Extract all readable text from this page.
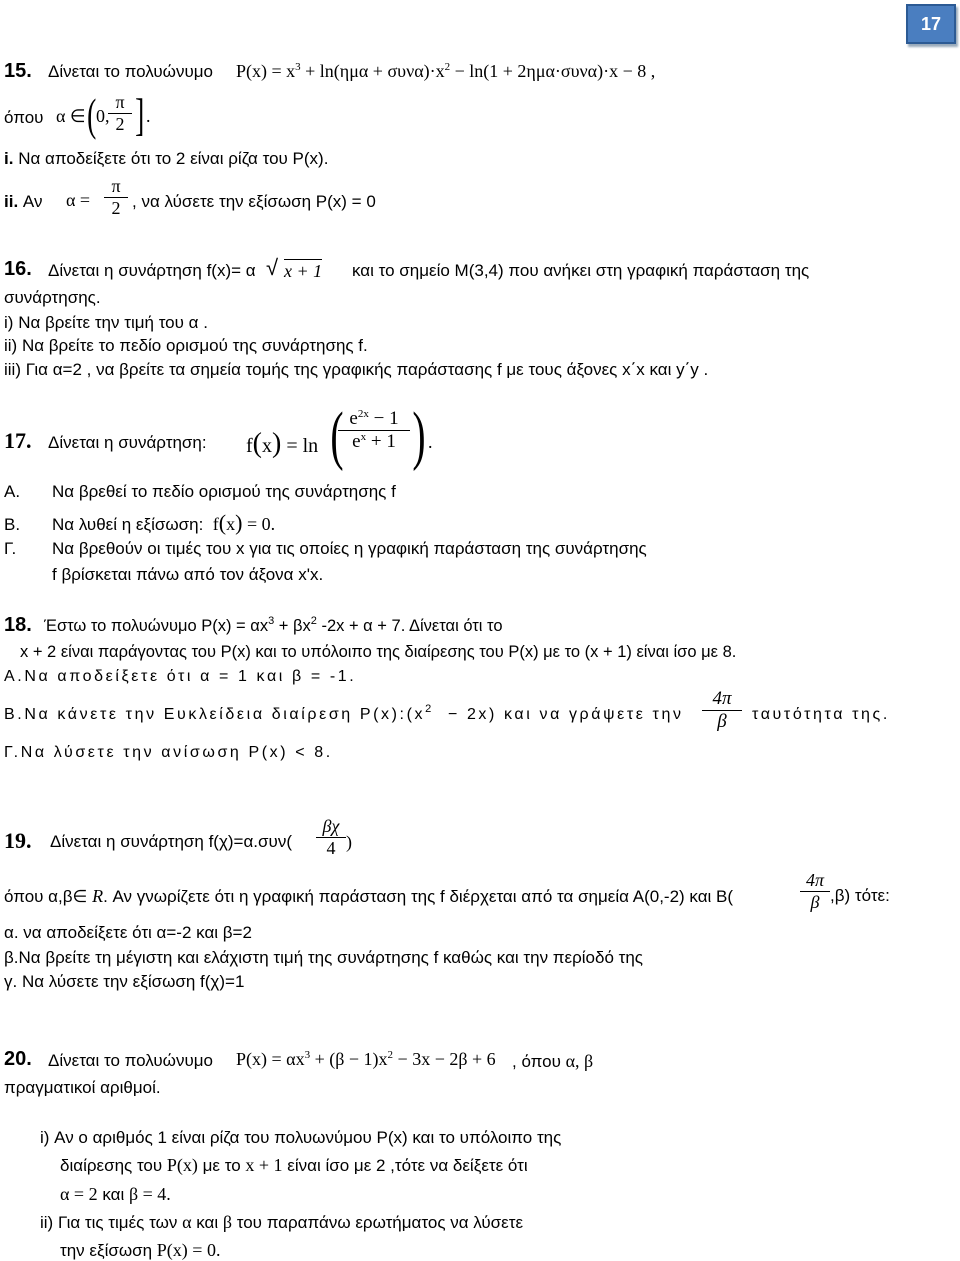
17
15. Δίνεται το πολυώνυμο $P(x) = x^3 + \ln(\eta\mu\alpha + \sigma\upsilon\nu\alpha)\cdot x^2 - \ln(1 + 2\eta\mu\alpha\cdot\sigma\upsilon\nu\alpha)\cdot x - 8$ ,
όπου α ∈ ( 0,
$\frac{\pi}{2}$ ] .
i. Να αποδείξετε ότι το 2 είναι ρίζα του P(x).
ii. Αν $\alpha = \frac{\pi}{2}$ , να λύσετε την εξίσωση P(x) = 0
16. Δίνεται η συνάρτηση f(x)= α √ x + 1 και το σημείο Μ(3,4) που ανήκει στη γραφική παράσταση της
συνάρτησης.
i) Να βρείτε την τιμή του α .
ii) Να βρείτε το πεδίο ορισμού της συνάρτησης f.
iii) Για α=2 , να βρείτε τα σημεία τομής της γραφικής παράστασης f με τους άξονες x΄x και y΄y .
17. Δίνεται η συνάρτηση: f(x) = ln (
$\frac{e^{2x} - 1}{e^x + 1}$ ) .
Α. Να βρεθεί το πεδίο ορισμού της συνάρτησης f
Β. Να λυθεί η εξίσωση:  f(x) = 0.
Γ. Να βρεθούν οι τιμές του x για τις οποίες η γραφική παράσταση της συνάρτησης
f βρίσκεται πάνω από τον άξονα x'x.
18. Έστω το πολυώνυμο $P(x) = \alpha x^3 + \beta x^2$ -2x + α + 7. Δίνεται ότι το
x + 2 είναι παράγοντας του P(x) και το υπόλοιπο της διαίρεσης του P(x) με το (x + 1) είναι ίσο με 8.
Α.Να αποδείξετε ότι α = 1 και β = -1.
Β.Να κάνετε την Ευκλείδεια διαίρεση $P(x):(x^2 - 2x)$ και να γράψετε την $\frac{4\pi}{\beta}$ ταυτότητα της.
Γ.Να λύσετε την ανίσωση P(x) < 8.
19. Δίνεται η συνάρτηση $f(\chi)=\alpha.\sigma\upsilon\nu( \frac{\beta\chi}{4}$ )
όπου α,β∈ R. Αν γνωρίζετε ότι η γραφική παράσταση της f διέρχεται από τα σημεία Α(0,-2) και Β(	$\frac{4\pi}{\beta} ,\beta$) τότε:
α. να αποδείξετε ότι α=-2 και β=2
β.Να βρείτε τη μέγιστη και ελάχιστη τιμή της συνάρτησης f καθώς και την περίοδό της
γ. Να λύσετε την εξίσωση f(χ)=1
20. Δίνεται το πολυώνυμο $P(x) = \alpha x^3 + (\beta - 1)x^2 - 3x - 2\beta + 6$ , όπου α, β
πραγματικοί αριθμοί.
i) Αν ο αριθμός 1 είναι ρίζα του πολυωνύμου P(x) και το υπόλοιπο της
διαίρεσης του P(x) με το x + 1 είναι ίσο με 2 ,τότε να δείξετε ότι
α = 2 και β = 4.
ii) Για τις τιμές των α και β του παραπάνω ερωτήματος να λύσετε
την εξίσωση P(x) = 0.
